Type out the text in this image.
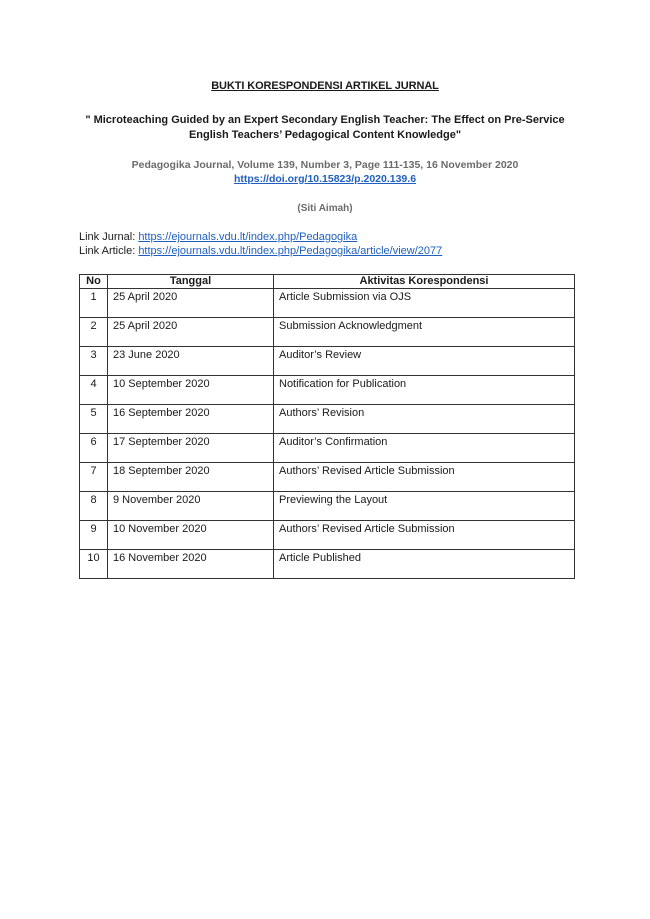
BUKTI KORESPONDENSI ARTIKEL JURNAL
" Microteaching Guided by an Expert Secondary English Teacher: The Effect on Pre-Service English Teachers’ Pedagogical Content Knowledge"
Pedagogika Journal, Volume 139, Number 3, Page 111-135, 16 November 2020
https://doi.org/10.15823/p.2020.139.6
(Siti Aimah)
Link Jurnal: https://ejournals.vdu.lt/index.php/Pedagogika
Link Article: https://ejournals.vdu.lt/index.php/Pedagogika/article/view/2077
No	Tanggal	Aktivitas Korespondensi
1	25 April 2020	Article Submission via OJS
2	25 April 2020	Submission Acknowledgment
3	23 June 2020	Auditor’s Review
4	10 September 2020	Notification for Publication
5	16 September 2020	Authors’ Revision
6	17 September 2020	Auditor’s Confirmation
7	18 September 2020	Authors’ Revised Article Submission
8	9 November 2020	Previewing the Layout
9	10 November 2020	Authors’ Revised Article Submission
10	16 November 2020	Article Published
